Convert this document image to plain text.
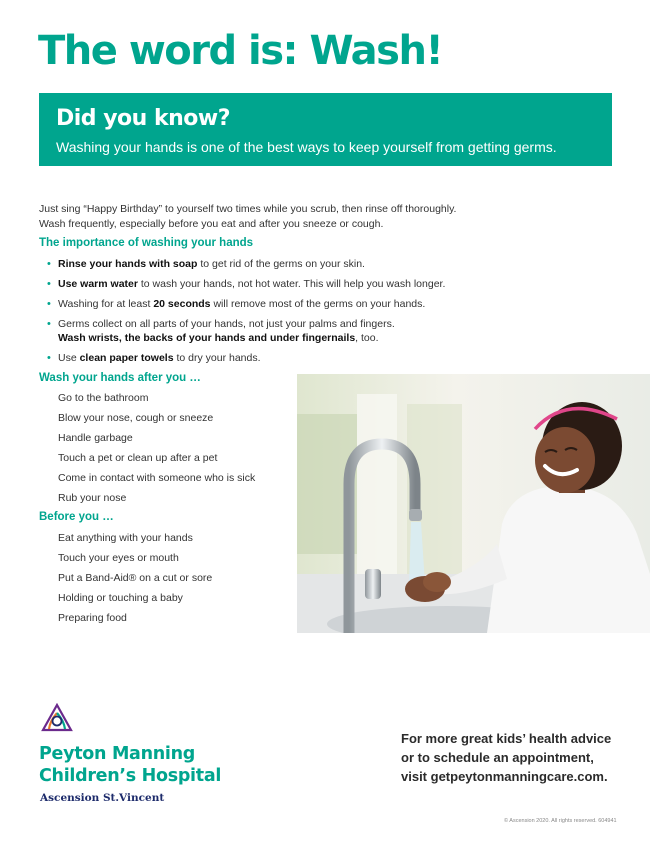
The word is: Wash!
Did you know?
Washing your hands is one of the best ways to keep yourself from getting germs.
Just sing “Happy Birthday” to yourself two times while you scrub, then rinse off thoroughly.
Wash frequently, especially before you eat and after you sneeze or cough.
The importance of washing your hands
• Rinse your hands with soap to get rid of the germs on your skin.
• Use warm water to wash your hands, not hot water. This will help you wash longer.
• Washing for at least 20 seconds will remove most of the germs on your hands.
• Germs collect on all parts of your hands, not just your palms and fingers.
Wash wrists, the backs of your hands and under fingernails, too.
• Use clean paper towels to dry your hands.
Wash your hands after you …
Go to the bathroom
Blow your nose, cough or sneeze
Handle garbage
Touch a pet or clean up after a pet
Come in contact with someone who is sick
Rub your nose
Before you …
Eat anything with your hands
Touch your eyes or mouth
Put a Band-Aid® on a cut or sore
Holding or touching a baby
Preparing food
Peyton Manning
Children’s Hospital
Ascension St.Vincent
For more great kids’ health advice
or to schedule an appointment,
visit getpeytonmanningcare.com.
© Ascension 2020. All rights reserved. 604941
